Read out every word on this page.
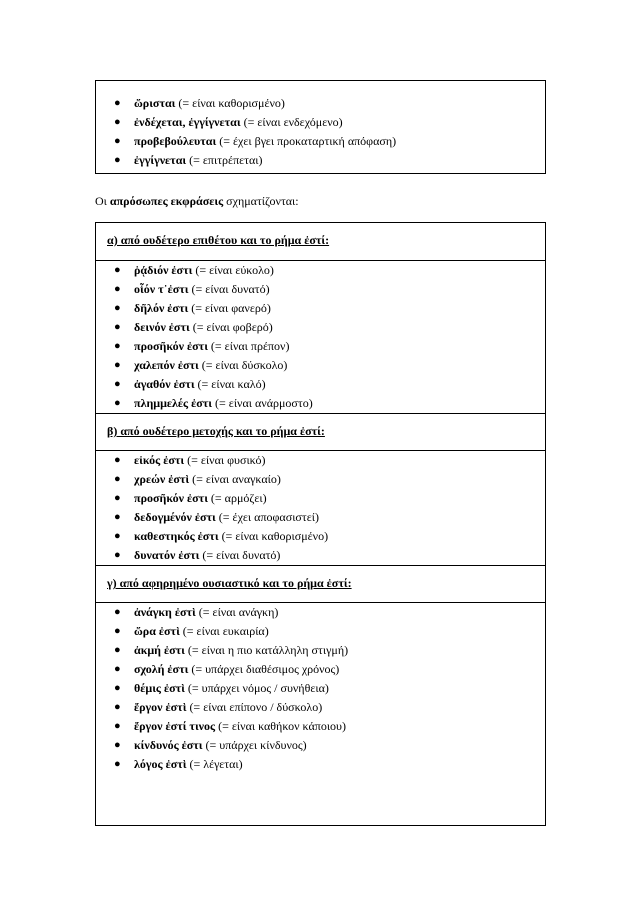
● ὥρισται (= είναι καθορισμένο)
● ἐνδέχεται, ἐγγίγνεται (= είναι ενδεχόμενο)
● προβεβούλευται (= έχει βγει προκαταρτική απόφαση)
● ἐγγίγνεται (= επιτρέπεται)
Οι απρόσωπες εκφράσεις σχηματίζονται:
α) από ουδέτερο επιθέτου και το ρήμα ἐστί:
● ῥᾴδιόν ἐστι (= είναι εύκολο)
● οἷόν τ᾽ἐστι (= είναι δυνατό)
● δῆλόν ἐστι (= είναι φανερό)
● δεινόν ἐστι (= είναι φοβερό)
● προσῆκόν ἐστι (= είναι πρέπον)
● χαλεπόν ἐστι (= είναι δύσκολο)
● ἀγαθόν ἐστι (= είναι καλό)
● πλημμελές ἐστι (= είναι ανάρμοστο)
β) από ουδέτερο μετοχής και το ρήμα ἐστί:
● εἰκός ἐστι (= είναι φυσικό)
● χρεών ἐστὶ (= είναι αναγκαίο)
● προσῆκόν ἐστι (= αρμόζει)
● δεδογμένόν ἐστι (= έχει αποφασιστεί)
● καθεστηκός ἐστι (= είναι καθορισμένο)
● δυνατόν ἐστι (= είναι δυνατό)
γ) από αφηρημένο ουσιαστικό και το ρήμα ἐστί:
● ἀνάγκη ἐστὶ (= είναι ανάγκη)
● ὥρα ἐστὶ (= είναι ευκαιρία)
● ἀκμή ἐστι (= είναι η πιο κατάλληλη στιγμή)
● σχολή ἐστι (= υπάρχει διαθέσιμος χρόνος)
● θέμις ἐστὶ (= υπάρχει νόμος / συνήθεια)
● ἔργον ἐστὶ (= είναι επίπονο / δύσκολο)
● ἔργον ἐστί τινος (= είναι καθήκον κάποιου)
● κίνδυνός ἐστι (= υπάρχει κίνδυνος)
● λόγος ἐστὶ (= λέγεται)
